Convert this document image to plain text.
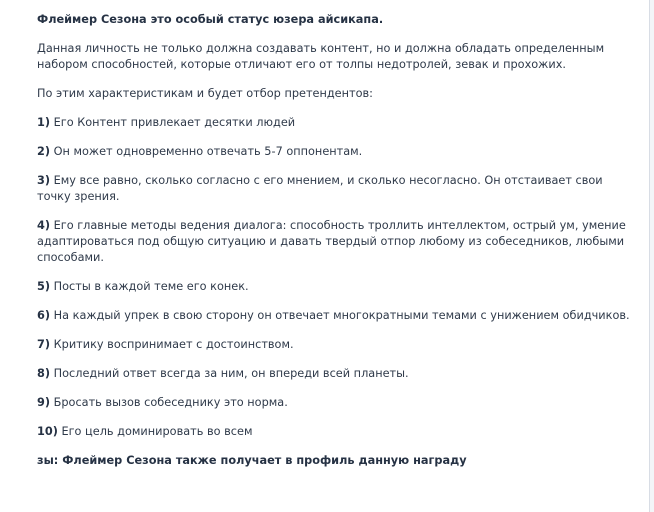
Флеймер Сезона это особый статус юзера айсикапа.

Данная личность не только должна создавать контент, но и должна обладать определенным набором способностей, которые отличают его от толпы недотролей, зевак и прохожих.

По этим характеристикам и будет отбор претендентов:

1) Его Контент привлекает десятки людей

2) Он может одновременно отвечать 5-7 оппонентам.

3) Ему все равно, сколько согласно с его мнением, и сколько несогласно. Он отстаивает свои точку зрения.

4) Его главные методы ведения диалога: способность троллить интеллектом, острый ум, умение адаптироваться под общую ситуацию и давать твердый отпор любому из собеседников, любыми способами.

5) Посты в каждой теме его конек.

6) На каждый упрек в свою сторону он отвечает многократными темами с унижением обидчиков.

7) Критику воспринимает с достоинством.

8) Последний ответ всегда за ним, он впереди всей планеты.

9) Бросать вызов собеседнику это норма.

10) Его цель доминировать во всем

зы: Флеймер Сезона также получает в профиль данную награду
